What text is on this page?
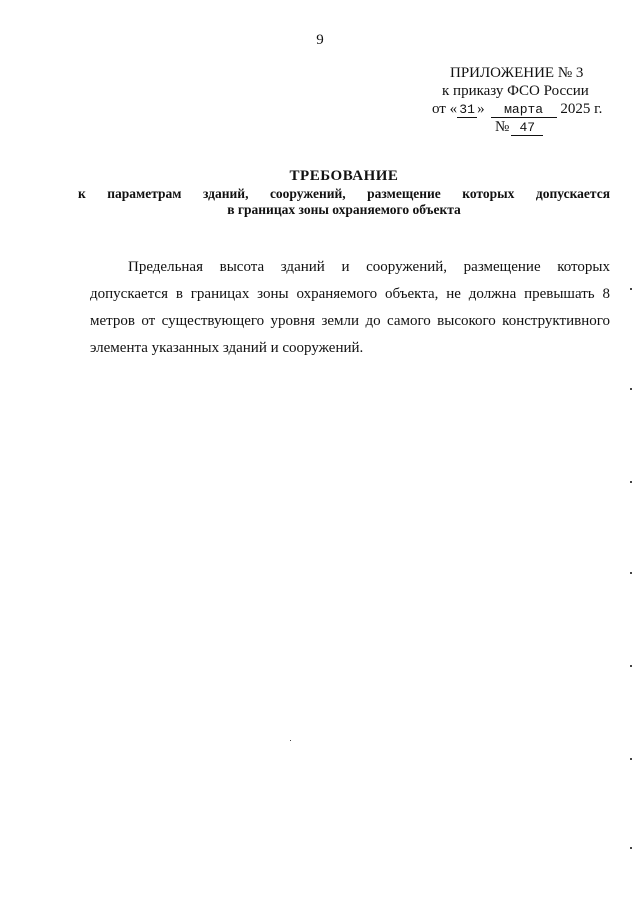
9
ПРИЛОЖЕНИЕ № 3
к приказу ФСО России
от « 31 » марта 2025 г.
№ 47
ТРЕБОВАНИЕ
к параметрам зданий, сооружений, размещение которых допускается
в границах зоны охраняемого объекта

Предельная высота зданий и сооружений, размещение которых допускается в границах зоны охраняемого объекта, не должна превышать 8 метров от существующего уровня земли до самого высокого конструктивного элемента указанных зданий и сооружений.
